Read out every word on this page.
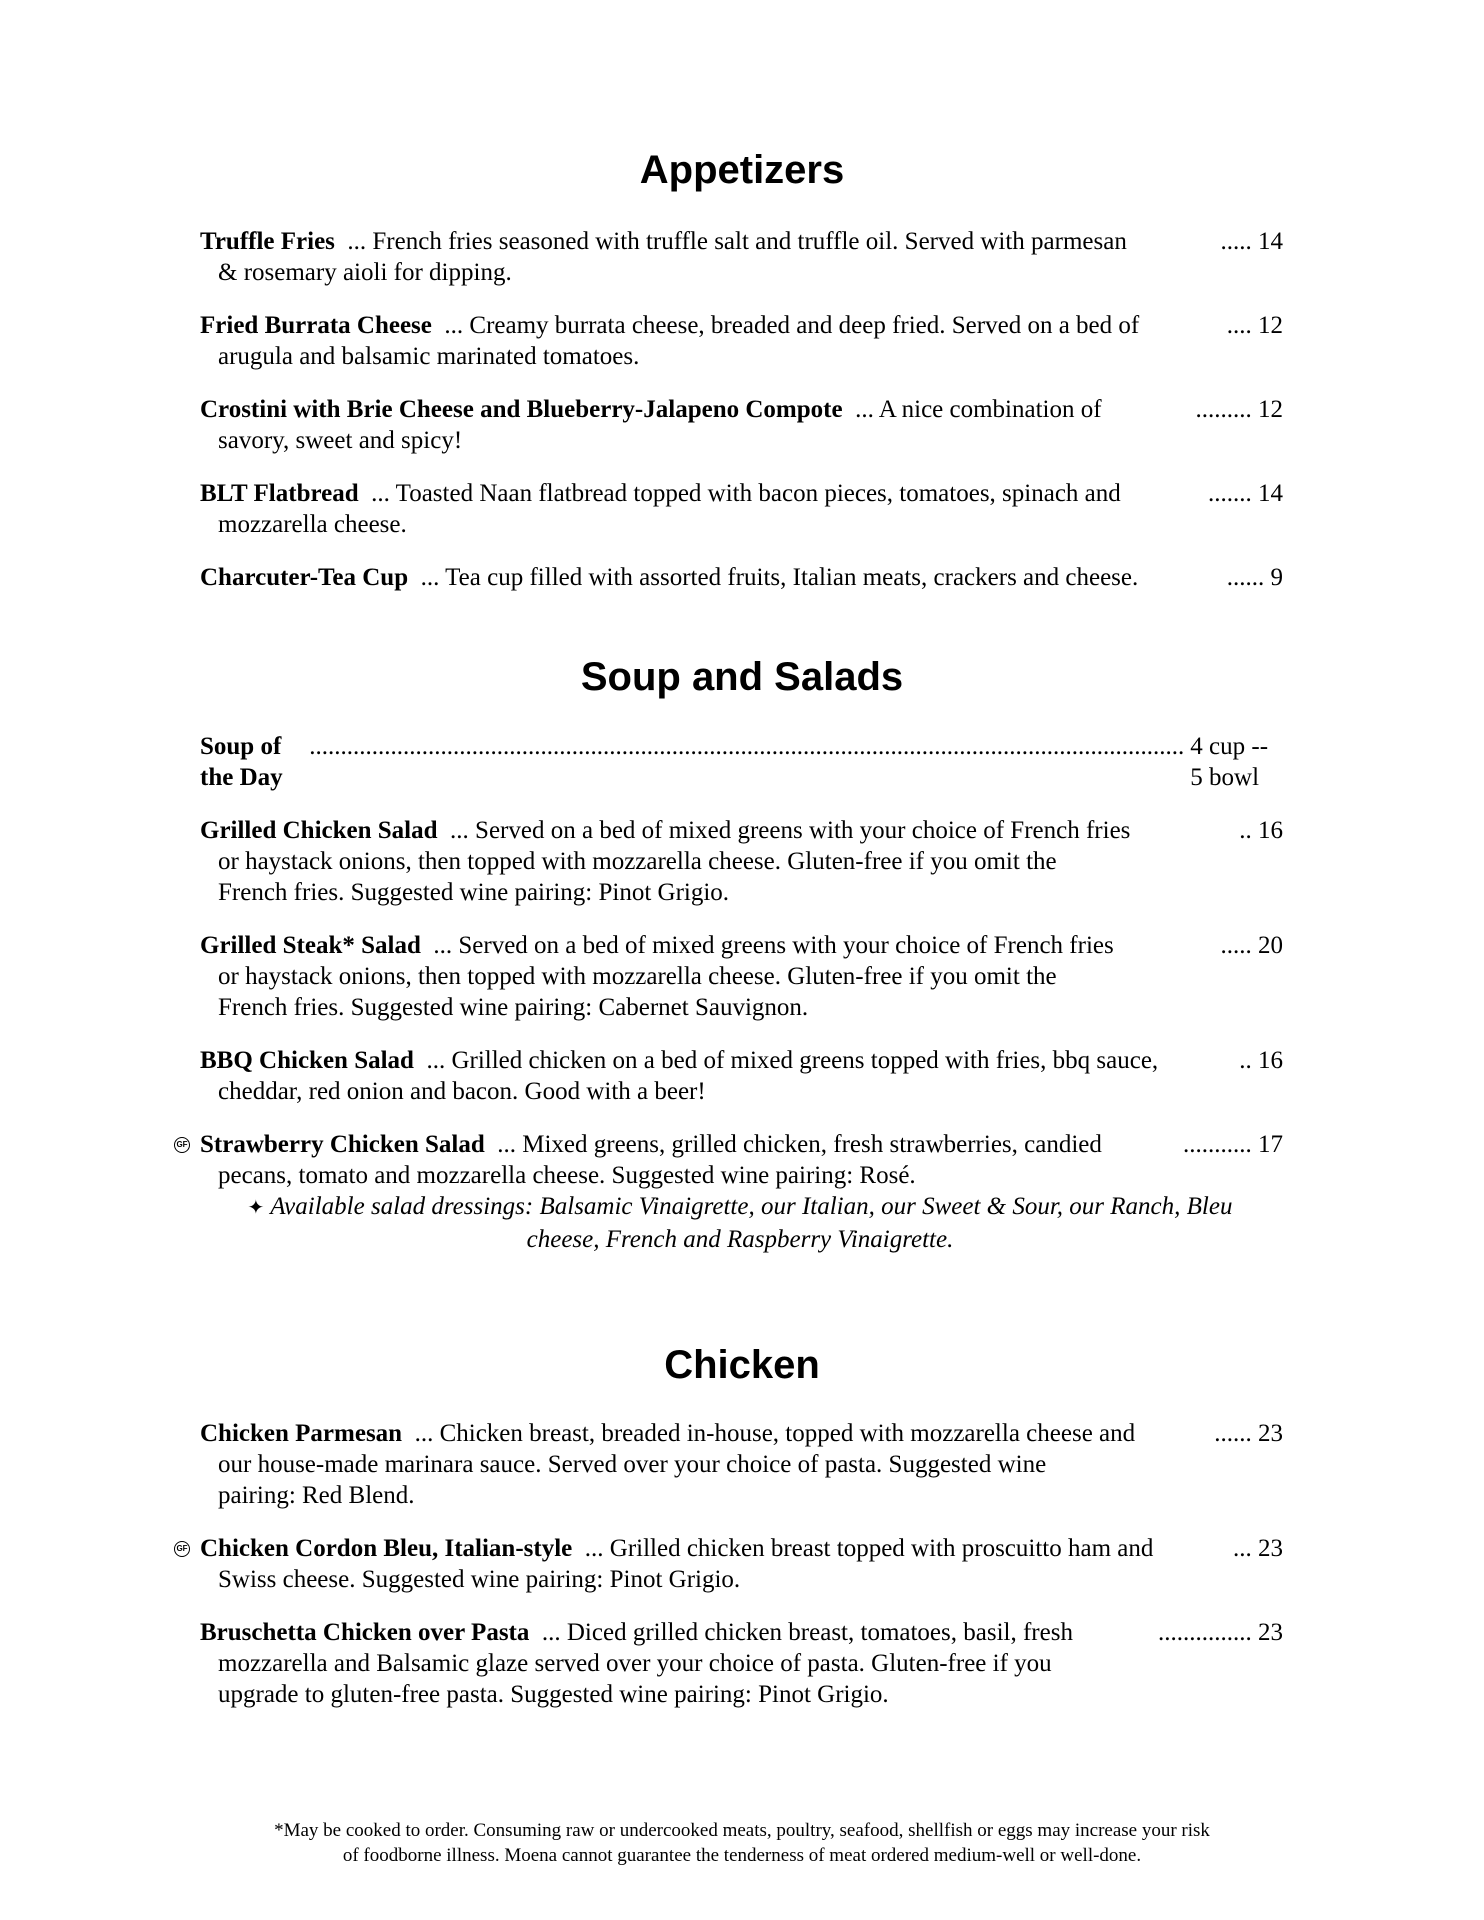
Appetizers
Truffle Fries ... French fries seasoned with truffle salt and truffle oil. Served with parmesan	..... 14
& rosemary aioli for dipping.
Fried Burrata Cheese ... Creamy burrata cheese, breaded and deep fried. Served on a bed of	.... 12
arugula and balsamic marinated tomatoes.
Crostini with Brie Cheese and Blueberry-Jalapeno Compote ... A nice combination of	......... 12
savory, sweet and spicy!
BLT Flatbread ... Toasted Naan flatbread topped with bacon pieces, tomatoes, spinach and	....... 14
mozzarella cheese.
Charcuter-Tea Cup ... Tea cup filled with assorted fruits, Italian meats, crackers and cheese.	...... 9
Soup and Salads
Soup of the Day
............................................................................................................................................ 4 cup -- 5 bowl
Grilled Chicken Salad ... Served on a bed of mixed greens with your choice of French fries	.. 16
or haystack onions, then topped with mozzarella cheese. Gluten-free if you omit the
French fries. Suggested wine pairing: Pinot Grigio.
Grilled Steak* Salad ... Served on a bed of mixed greens with your choice of French fries	..... 20
or haystack onions, then topped with mozzarella cheese. Gluten-free if you omit the
French fries. Suggested wine pairing: Cabernet Sauvignon.
BBQ Chicken Salad ... Grilled chicken on a bed of mixed greens topped with fries, bbq sauce,	.. 16
cheddar, red onion and bacon. Good with a beer!
GF Strawberry Chicken Salad ... Mixed greens, grilled chicken, fresh strawberries, candied	........... 17
pecans, tomato and mozzarella cheese. Suggested wine pairing: Rosé.
✦ Available salad dressings: Balsamic Vinaigrette, our Italian, our Sweet & Sour, our Ranch, Bleu
cheese, French and Raspberry Vinaigrette.
Chicken
Chicken Parmesan ... Chicken breast, breaded in-house, topped with mozzarella cheese and	...... 23
our house-made marinara sauce. Served over your choice of pasta. Suggested wine
pairing: Red Blend.
GF Chicken Cordon Bleu, Italian-style ... Grilled chicken breast topped with proscuitto ham and	... 23
Swiss cheese. Suggested wine pairing: Pinot Grigio.
Bruschetta Chicken over Pasta ... Diced grilled chicken breast, tomatoes, basil, fresh	............... 23
mozzarella and Balsamic glaze served over your choice of pasta. Gluten-free if you
upgrade to gluten-free pasta. Suggested wine pairing: Pinot Grigio.
*May be cooked to order. Consuming raw or undercooked meats, poultry, seafood, shellfish or eggs may increase your risk
of foodborne illness. Moena cannot guarantee the tenderness of meat ordered medium-well or well-done.
